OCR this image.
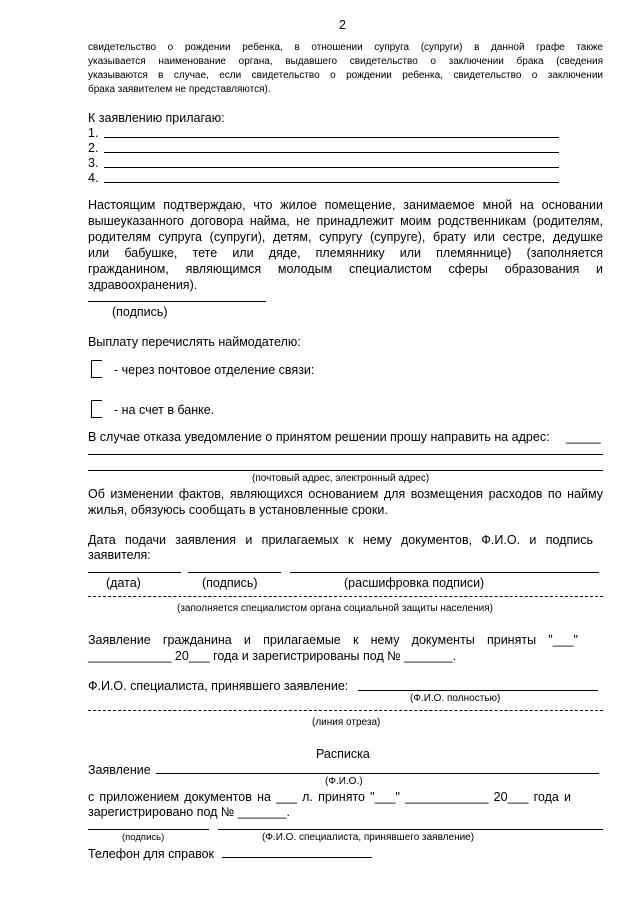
2
свидетельство о рождении ребенка, в отношении супруга (супруги) в данной графе также
указывается наименование органа, выдавшего свидетельство о заключении брака (сведения
указываются в случае, если свидетельство о рождении ребенка, свидетельство о заключении
брака заявителем не представляются).
К заявлению прилагаю:
1.
2.
3.
4.
Настоящим подтверждаю, что жилое помещение, занимаемое мной на основании
вышеуказанного договора найма, не принадлежит моим родственникам (родителям,
родителям супруга (супруги), детям, супругу (супруге), брату или сестре, дедушке
или бабушке, тете или дяде, племяннику или племяннице) (заполняется
гражданином, являющимся молодым специалистом сферы образования и
здравоохранения).
(подпись)
Выплату перечислять наймодателю:
- через почтовое отделение связи:
- на счет в банке.
В случае отказа уведомление о принятом решении прошу направить на адрес: _____
(почтовый адрес, электронный адрес)
Об изменении фактов, являющихся основанием для возмещения расходов по найму
жилья, обязуюсь сообщать в установленные сроки.
Дата подачи заявления и прилагаемых к нему документов, Ф.И.О. и подпись
заявителя:
(дата)	(подпись)	(расшифровка подписи)
(заполняется специалистом органа социальной защиты населения)
Заявление гражданина и прилагаемые к нему документы приняты "___"
____________ 20___ года и зарегистрированы под № _______.
Ф.И.О. специалиста, принявшего заявление:
(Ф.И.О. полностью)
(линия отреза)
Расписка
Заявление
(Ф.И.О.)
с приложением документов на ___ л. принято "___" ____________ 20___ года и
зарегистрировано под № _______.
(подпись)	(Ф.И.О. специалиста, принявшего заявление)
Телефон для справок
